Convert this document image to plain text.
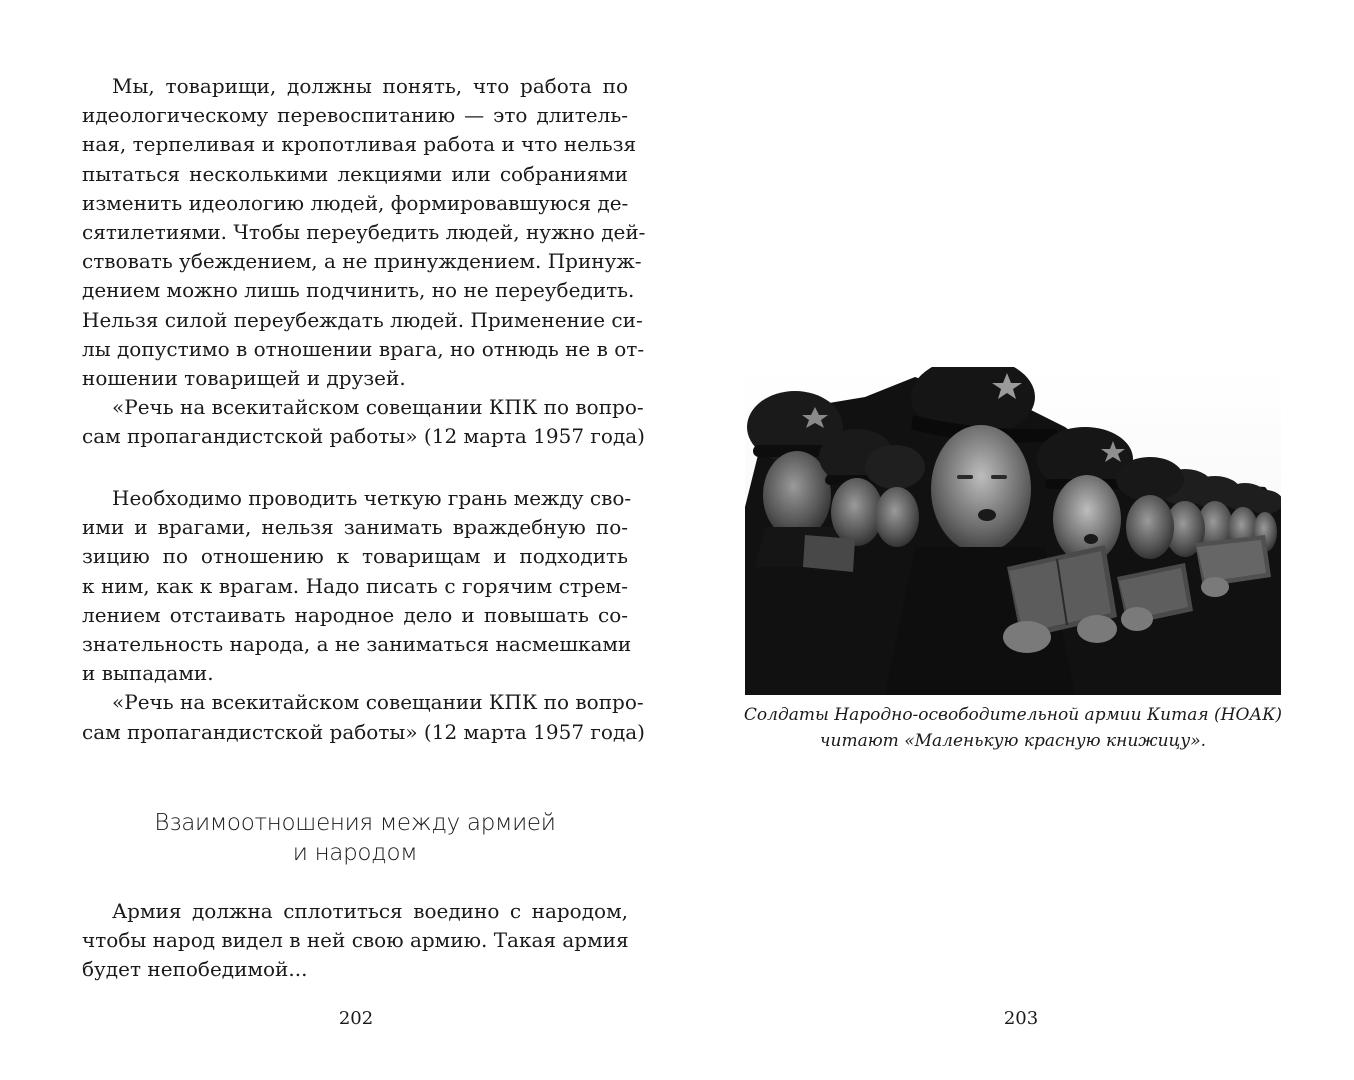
Мы, товарищи, должны понять, что работа по
идеологическому перевоспитанию — это длитель-
ная, терпеливая и кропотливая работа и что нельзя
пытаться несколькими лекциями или собраниями
изменить идеологию людей, формировавшуюся де-
сятилетиями. Чтобы переубедить людей, нужно дей-
ствовать убеждением, а не принуждением. Принуж-
дением можно лишь подчинить, но не переубедить.
Нельзя силой переубеждать людей. Применение си-
лы допустимо в отношении врага, но отнюдь не в от-
ношении товарищей и друзей.
«Речь на всекитайском совещании КПК по вопро-
сам пропагандистской работы» (12 марта 1957 года)
Необходимо проводить четкую грань между сво-
ими и врагами, нельзя занимать враждебную по-
зицию по отношению к товарищам и подходить
к ним, как к врагам. Надо писать с горячим стрем-
лением отстаивать народное дело и повышать со-
знательность народа, а не заниматься насмешками
и выпадами.
«Речь на всекитайском совещании КПК по вопро-
сам пропагандистской работы» (12 марта 1957 года)
Взаимоотношения между армией
и народом
Армия должна сплотиться воедино с народом,
чтобы народ видел в ней свою армию. Такая армия
будет непобедимой...
202
Солдаты Народно-освободительной армии Китая (НОАК)
читают «Маленькую красную книжицу».
203
